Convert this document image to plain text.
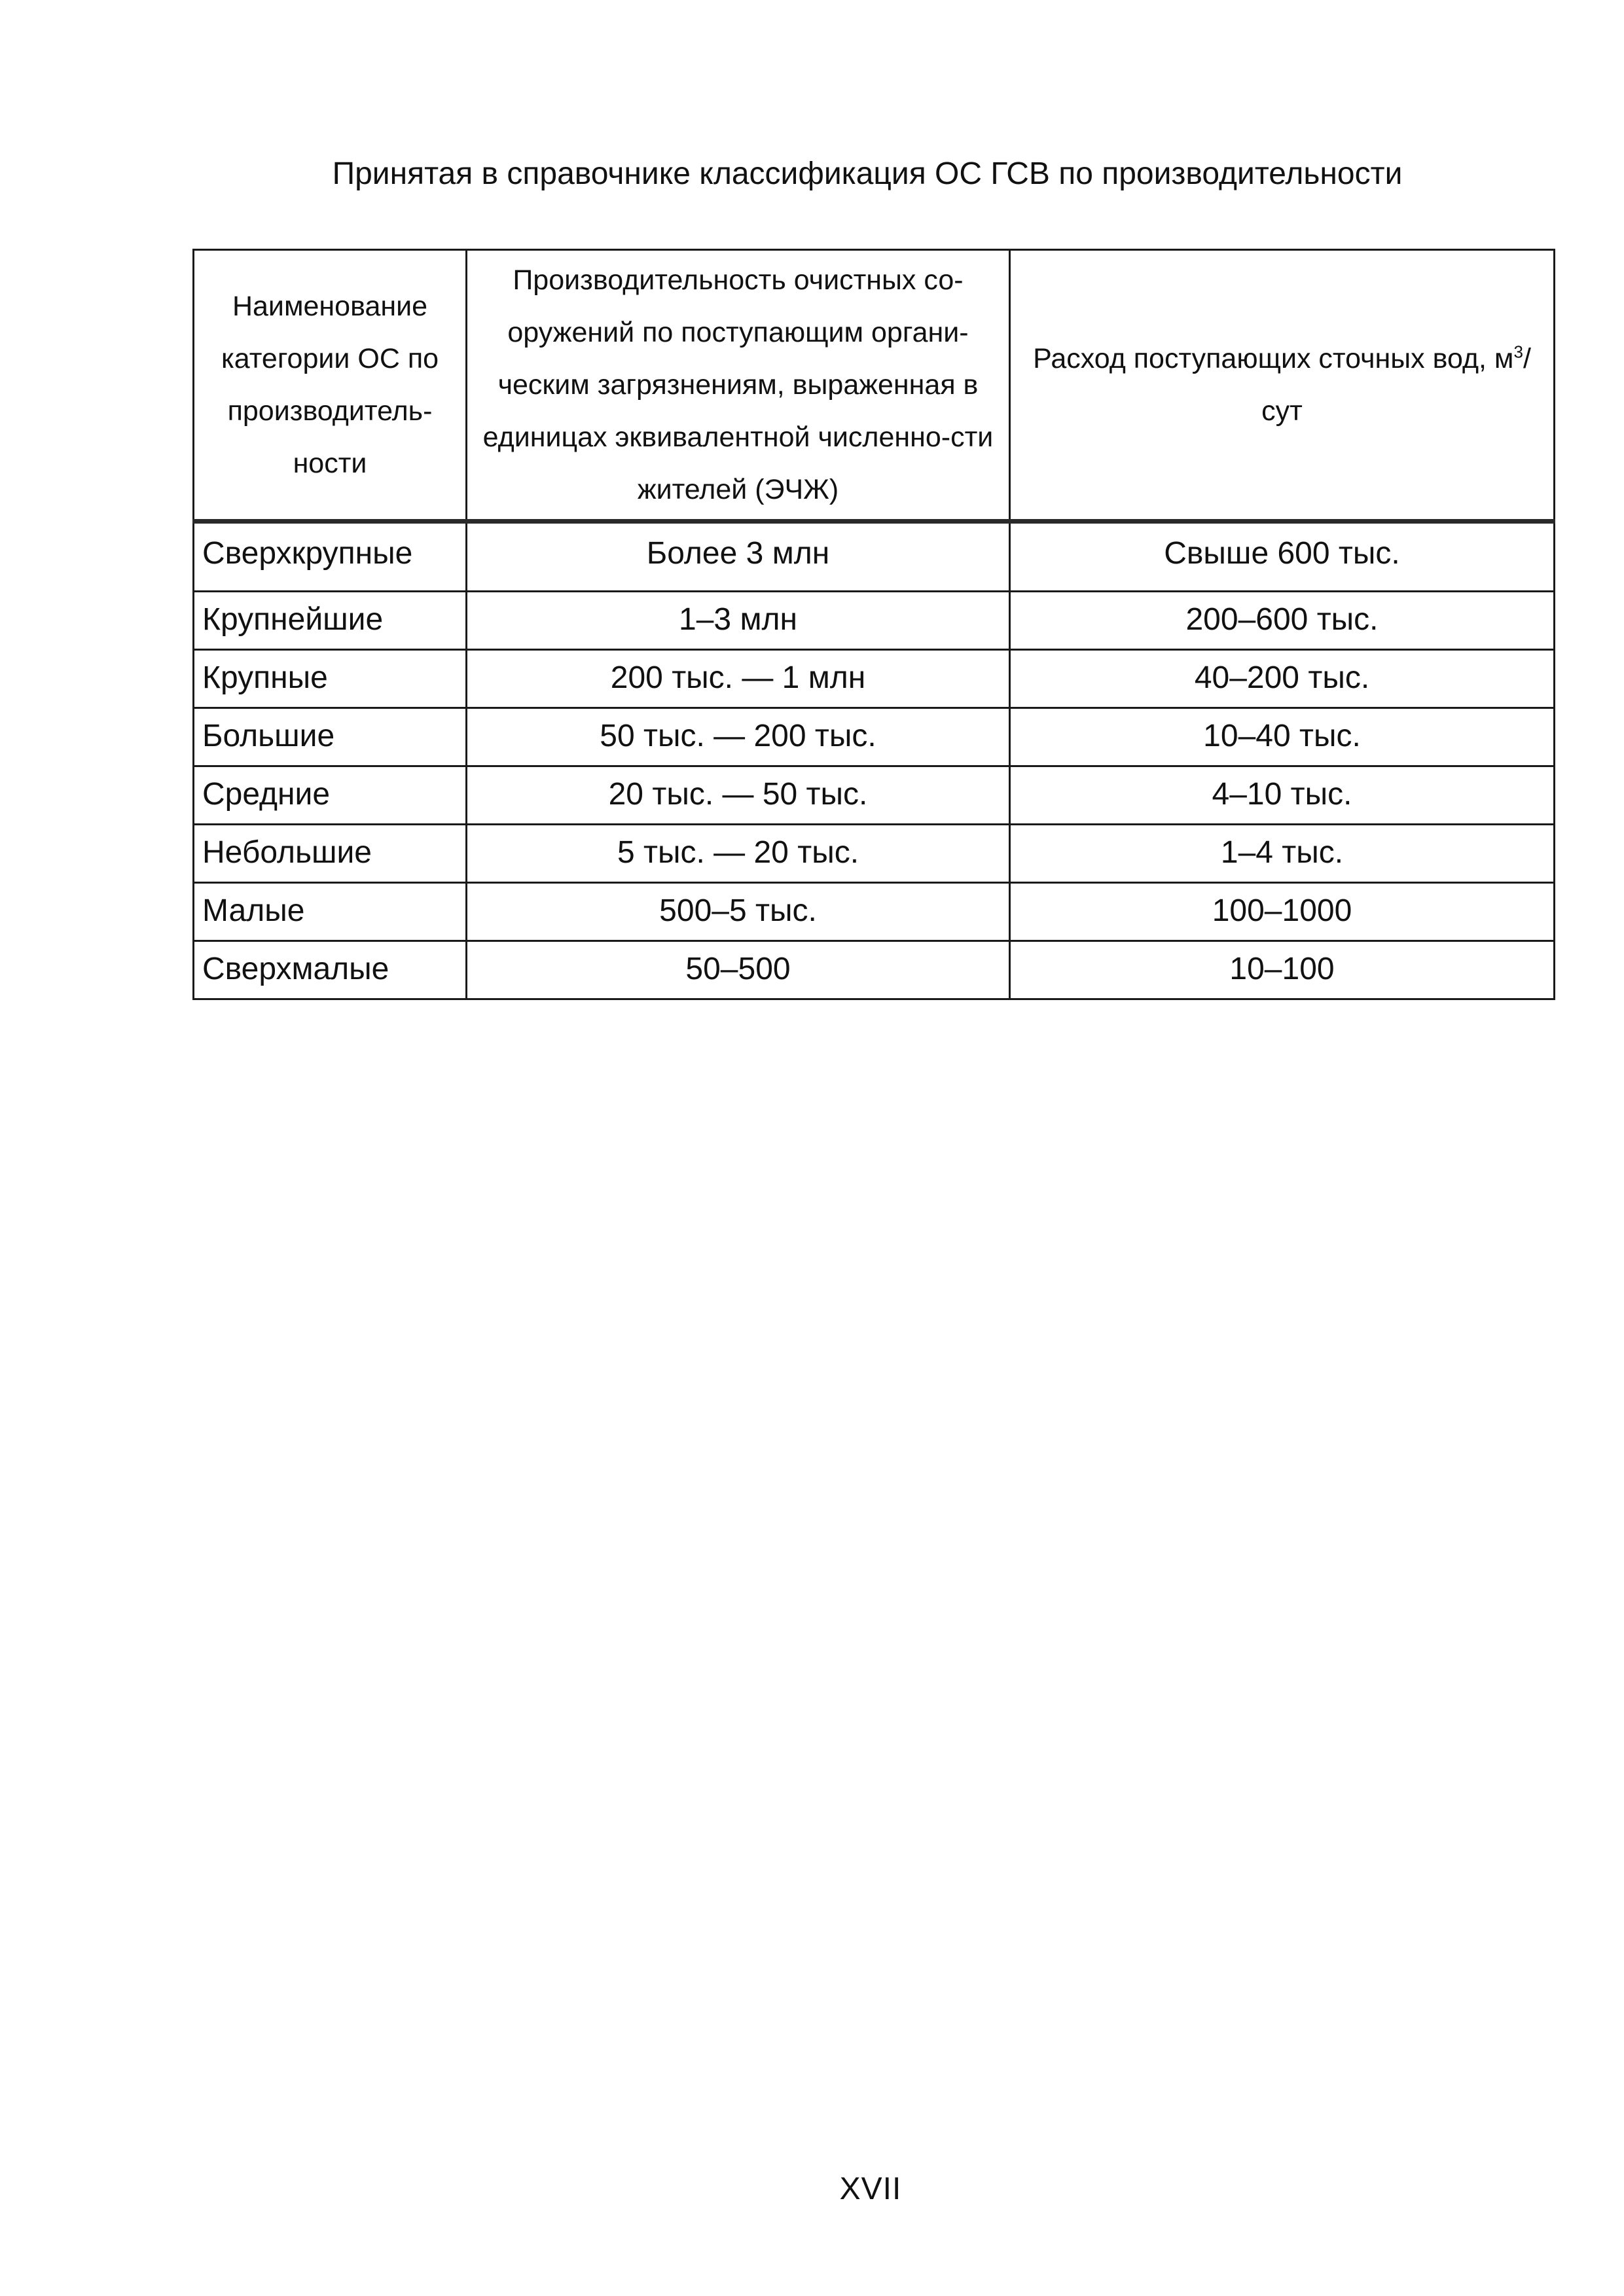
Принятая в справочнике классификация ОС ГСВ по производительности
Наименование категории ОС по производитель-ности	Производительность очистных со-оружений по поступающим органи-ческим загрязнениям, выраженная в единицах эквивалентной численно-сти жителей (ЭЧЖ)	Расход поступающих сточных вод, $м^3$/сут

Сверхкрупные	Более 3 млн	Свыше 600 тыс.
Крупнейшие	1–3 млн	200–600 тыс.
Крупные	200 тыс. — 1 млн	40–200 тыс.
Большие	50 тыс. — 200 тыс.	10–40 тыс.
Средние	20 тыс. — 50 тыс.	4–10 тыс.
Небольшие	5 тыс. — 20 тыс.	1–4 тыс.
Малые	500–5 тыс.	100–1000
Сверхмалые	50–500	10–100
XVII
